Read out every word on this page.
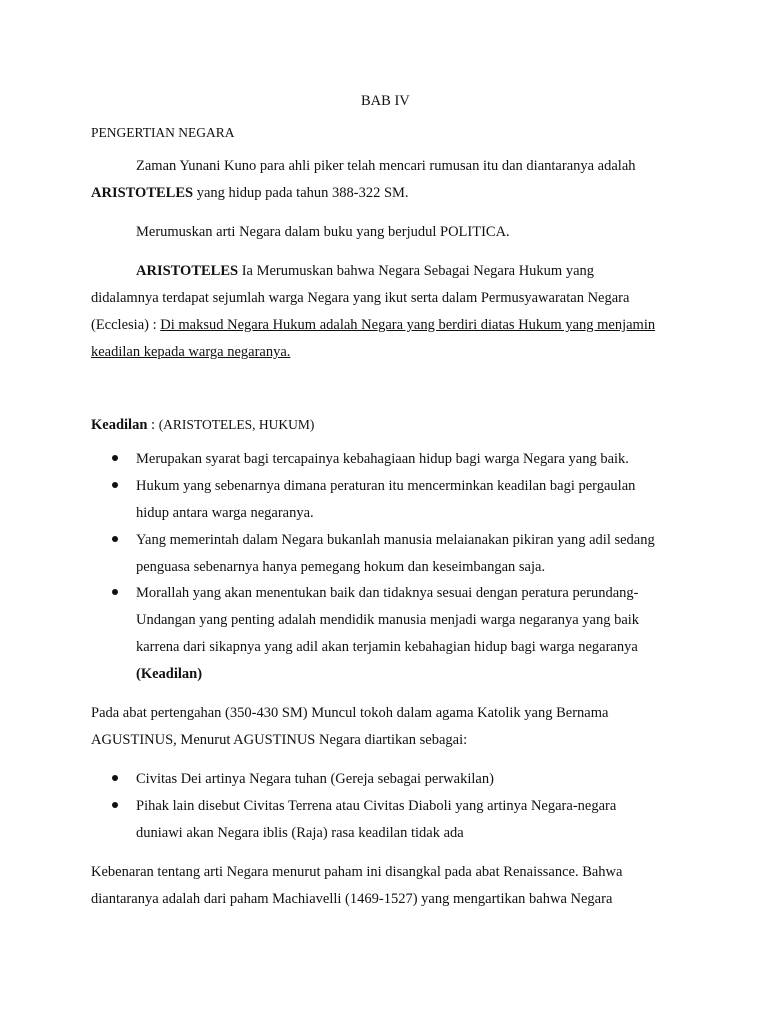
BAB IV
PENGERTIAN NEGARA
Zaman Yunani Kuno para ahli piker telah mencari rumusan itu dan diantaranya adalah
ARISTOTELES yang hidup pada tahun 388-322 SM.
Merumuskan arti Negara dalam buku yang berjudul POLITICA.
ARISTOTELES Ia Merumuskan bahwa Negara Sebagai Negara Hukum yang
didalamnya terdapat sejumlah warga Negara yang ikut serta dalam Permusyawaratan Negara
(Ecclesia) : Di maksud Negara Hukum adalah Negara yang berdiri diatas Hukum yang menjamin
keadilan kepada warga negaranya.
Keadilan : (ARISTOTELES, HUKUM)
Merupakan syarat bagi tercapainya kebahagiaan hidup bagi warga Negara yang baik.
Hukum yang sebenarnya dimana peraturan itu mencerminkan keadilan bagi pergaulan
hidup antara warga negaranya.
Yang memerintah dalam Negara bukanlah manusia melaianakan pikiran yang adil sedang
penguasa sebenarnya hanya pemegang hokum dan keseimbangan saja.
Morallah yang akan menentukan baik dan tidaknya sesuai dengan peratura perundang-
Undangan yang penting adalah mendidik manusia menjadi warga negaranya yang baik
karrena dari sikapnya yang adil akan terjamin kebahagian hidup bagi warga negaranya
(Keadilan)
Pada abat pertengahan (350-430 SM) Muncul tokoh dalam agama Katolik yang Bernama
AGUSTINUS, Menurut AGUSTINUS Negara diartikan sebagai:
Civitas Dei artinya Negara tuhan (Gereja sebagai perwakilan)
Pihak lain disebut Civitas Terrena atau Civitas Diaboli yang artinya Negara-negara
duniawi akan Negara iblis (Raja) rasa keadilan tidak ada
Kebenaran tentang arti Negara menurut paham ini disangkal pada abat Renaissance. Bahwa
diantaranya adalah dari paham Machiavelli (1469-1527) yang mengartikan bahwa Negara
